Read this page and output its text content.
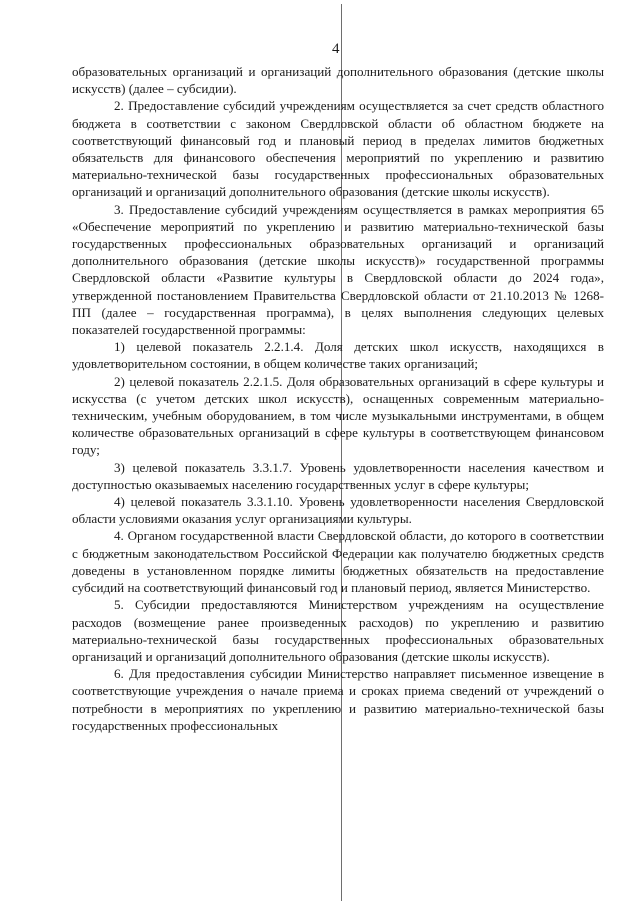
4

образовательных организаций и организаций дополнительного образования (детские школы искусств) (далее – субсидии).

2. Предоставление субсидий учреждениям осуществляется за счет средств областного бюджета в соответствии с законом Свердловской области об областном бюджете на соответствующий финансовый год и плановый период в пределах лимитов бюджетных обязательств для финансового обеспечения мероприятий по укреплению и развитию материально-технической базы государственных профессиональных образовательных организаций и организаций дополнительного образования (детские школы искусств).

3. Предоставление субсидий учреждениям осуществляется в рамках мероприятия 65 «Обеспечение мероприятий по укреплению и развитию материально-технической базы государственных профессиональных образовательных организаций и организаций дополнительного образования (детские школы искусств)» государственной программы Свердловской области «Развитие культуры в Свердловской области до 2024 года», утвержденной постановлением Правительства Свердловской области от 21.10.2013 № 1268-ПП (далее – государственная программа), в целях выполнения следующих целевых показателей государственной программы:

1) целевой показатель 2.2.1.4. Доля детских школ искусств, находящихся в удовлетворительном состоянии, в общем количестве таких организаций;

2) целевой показатель 2.2.1.5. Доля образовательных организаций в сфере культуры и искусства (с учетом детских школ искусств), оснащенных современным материально-техническим, учебным оборудованием, в том числе музыкальными инструментами, в общем количестве образовательных организаций в сфере культуры в соответствующем финансовом году;

3) целевой показатель 3.3.1.7. Уровень удовлетворенности населения качеством и доступностью оказываемых населению государственных услуг в сфере культуры;

4) целевой показатель 3.3.1.10. Уровень удовлетворенности населения Свердловской области условиями оказания услуг организациями культуры.

4. Органом государственной власти Свердловской области, до которого в соответствии с бюджетным законодательством Российской Федерации как получателю бюджетных средств доведены в установленном порядке лимиты бюджетных обязательств на предоставление субсидий на соответствующий финансовый год и плановый период, является Министерство.

5. Субсидии предоставляются Министерством учреждениям на осуществление расходов (возмещение ранее произведенных расходов) по укреплению и развитию материально-технической базы государственных профессиональных образовательных организаций и организаций дополнительного образования (детские школы искусств).

6. Для предоставления субсидии Министерство направляет письменное извещение в соответствующие учреждения о начале приема и сроках приема сведений от учреждений о потребности в мероприятиях по укреплению и развитию материально-технической базы государственных профессиональных
